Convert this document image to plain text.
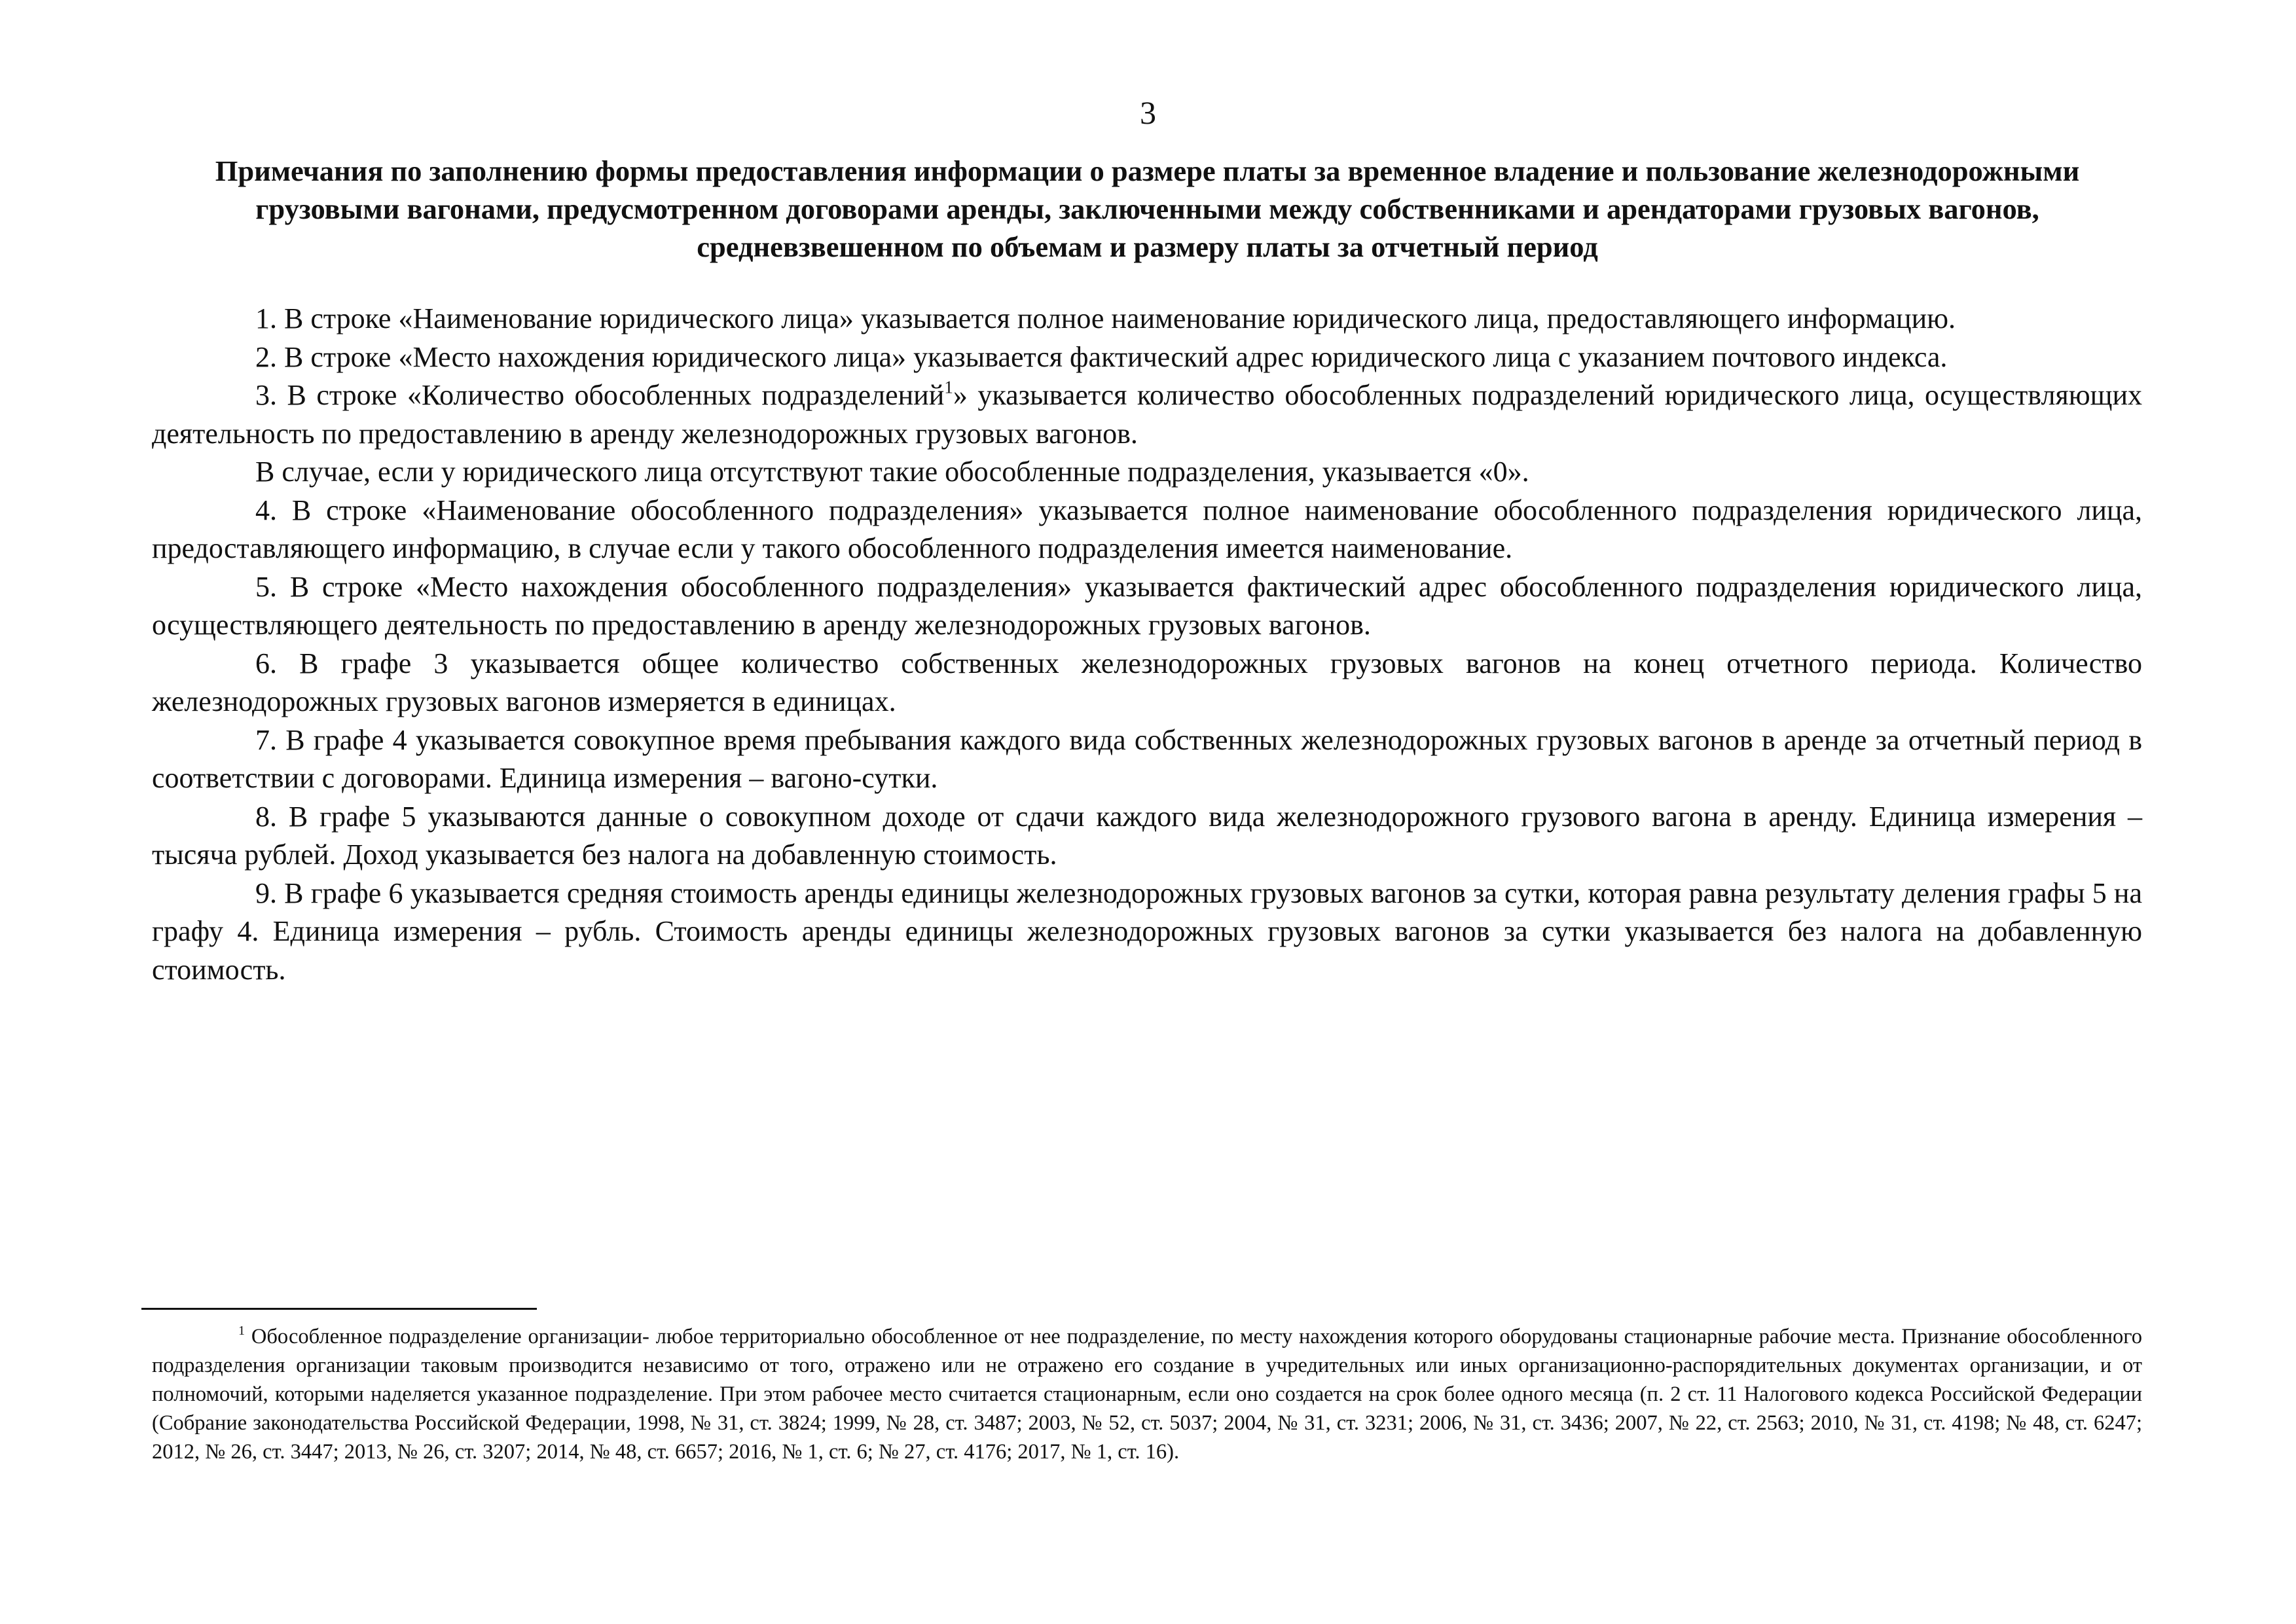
3
Примечания по заполнению формы предоставления информации о размере платы за временное владение и пользование железнодорожными грузовыми вагонами, предусмотренном договорами аренды, заключенными между собственниками и арендаторами грузовых вагонов, средневзвешенном по объемам и размеру платы за отчетный период

1. В строке «Наименование юридического лица» указывается полное наименование юридического лица, предоставляющего информацию.

2. В строке «Место нахождения юридического лица» указывается фактический адрес юридического лица с указанием почтового индекса.

3. В строке «Количество обособленных подразделений$^1$» указывается количество обособленных подразделений юридического лица, осуществляющих деятельность по предоставлению в аренду железнодорожных грузовых вагонов.

В случае, если у юридического лица отсутствуют такие обособленные подразделения, указывается «0».

4. В строке «Наименование обособленного подразделения» указывается полное наименование обособленного подразделения юридического лица, предоставляющего информацию, в случае если у такого обособленного подразделения имеется наименование.

5. В строке «Место нахождения обособленного подразделения» указывается фактический адрес обособленного подразделения юридического лица, осуществляющего деятельность по предоставлению в аренду железнодорожных грузовых вагонов.

6. В графе 3 указывается общее количество собственных железнодорожных грузовых вагонов на конец отчетного периода. Количество железнодорожных грузовых вагонов измеряется в единицах.

7. В графе 4 указывается совокупное время пребывания каждого вида собственных железнодорожных грузовых вагонов в аренде за отчетный период в соответствии с договорами. Единица измерения – вагоно-сутки.

8. В графе 5 указываются данные о совокупном доходе от сдачи каждого вида железнодорожного грузового вагона в аренду. Единица измерения – тысяча рублей. Доход указывается без налога на добавленную стоимость.

9. В графе 6 указывается средняя стоимость аренды единицы железнодорожных грузовых вагонов за сутки, которая равна результату деления графы 5 на графу 4. Единица измерения – рубль. Стоимость аренды единицы железнодорожных грузовых вагонов за сутки указывается без налога на добавленную стоимость.

$^1$ Обособленное подразделение организации- любое территориально обособленное от нее подразделение, по месту нахождения которого оборудованы стационарные рабочие места. Признание обособленного подразделения организации таковым производится независимо от того, отражено или не отражено его создание в учредительных или иных организационно-распорядительных документах организации, и от полномочий, которыми наделяется указанное подразделение. При этом рабочее место считается стационарным, если оно создается на срок более одного месяца (п. 2 ст. 11 Налогового кодекса Российской Федерации (Собрание законодательства Российской Федерации, 1998, № 31, ст. 3824; 1999, № 28, ст. 3487; 2003, № 52, ст. 5037; 2004, № 31, ст. 3231; 2006, № 31, ст. 3436; 2007, № 22, ст. 2563; 2010, № 31, ст. 4198; № 48, ст. 6247; 2012, № 26, ст. 3447; 2013, № 26, ст. 3207; 2014, № 48, ст. 6657; 2016, № 1, ст. 6; № 27, ст. 4176; 2017, № 1, ст. 16).
